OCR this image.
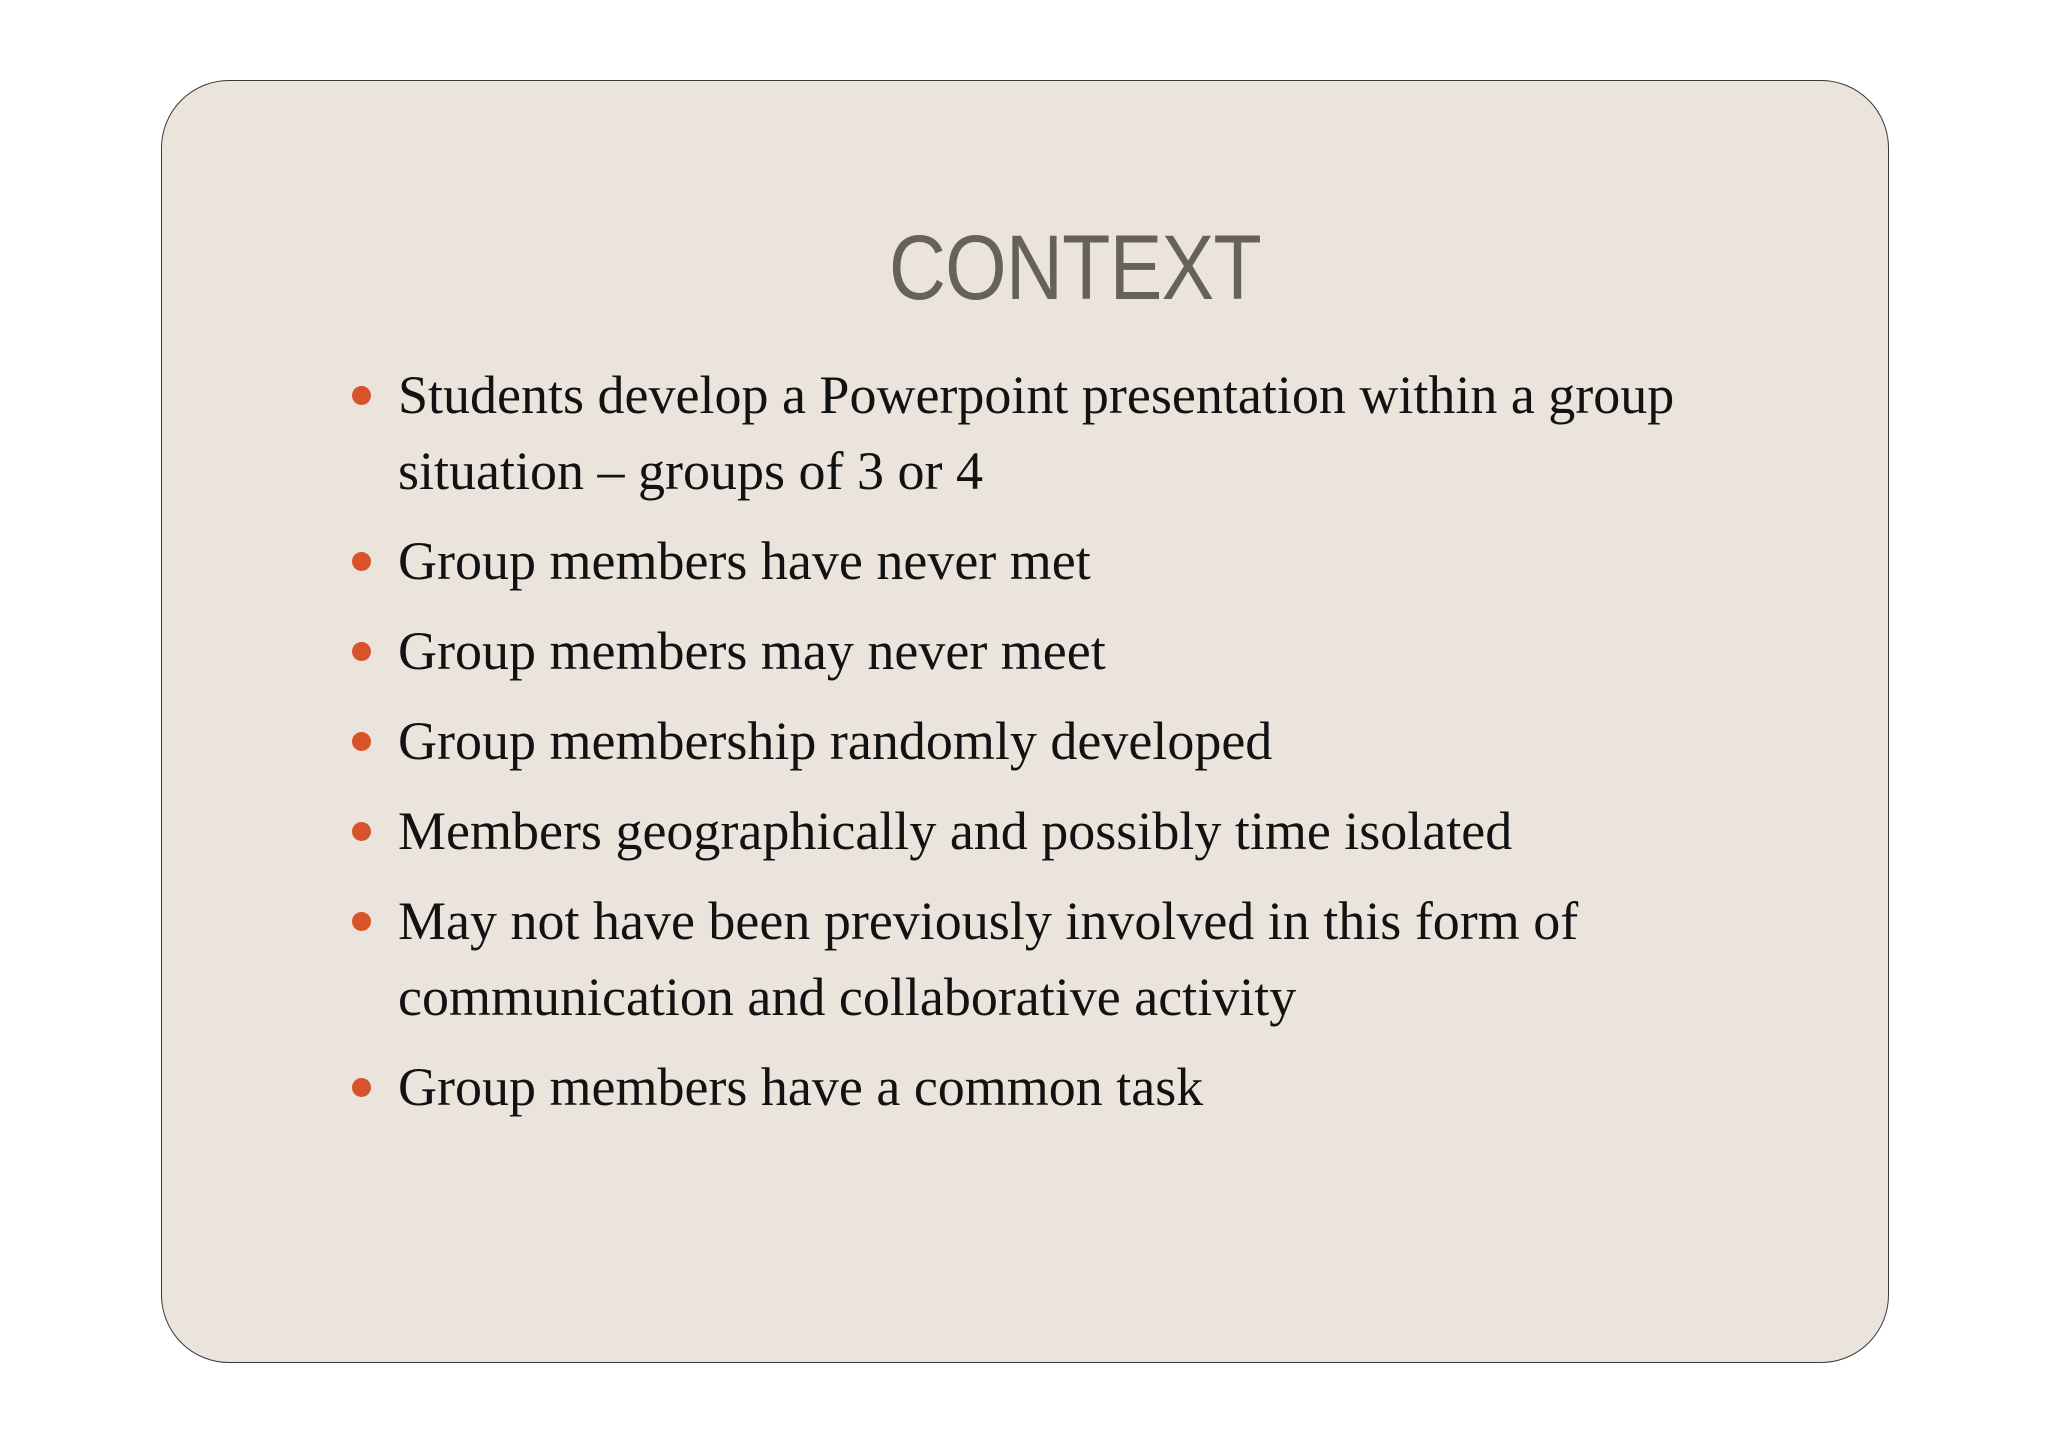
CONTEXT
Students develop a Powerpoint presentation within a group situation – groups of 3 or 4
Group members have never met
Group members may never meet
Group membership randomly developed
Members geographically and possibly time isolated
May not have been previously involved in this form of communication and collaborative activity
Group members have a common task
